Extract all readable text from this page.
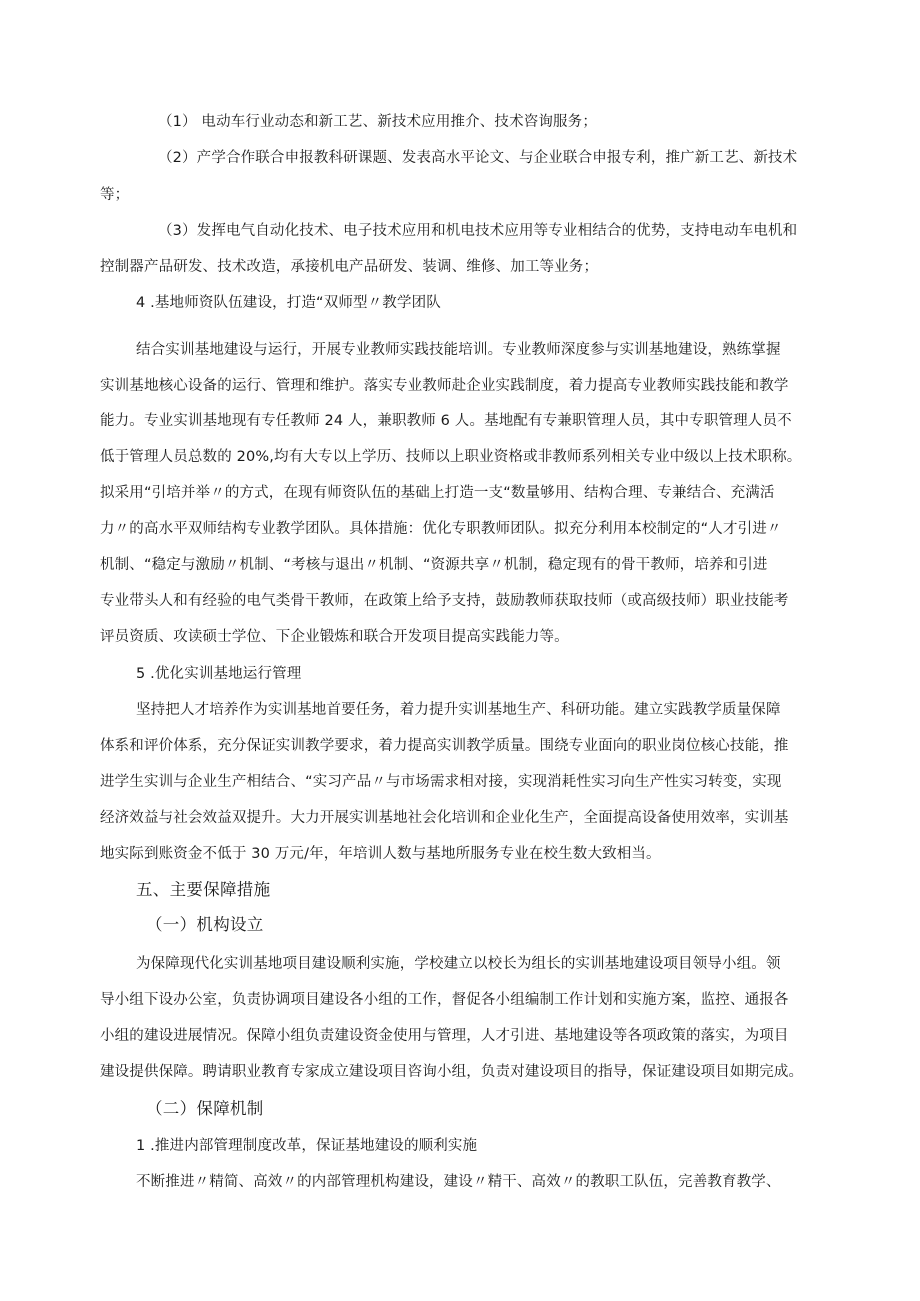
（1） 电动车行业动态和新工艺、新技术应用推介、技术咨询服务；
（2）产学合作联合申报教科研课题、发表高水平论文、与企业联合申报专利，推广新工艺、新技术
等；
（3）发挥电气自动化技术、电子技术应用和机电技术应用等专业相结合的优势，支持电动车电机和
控制器产品研发、技术改造，承接机电产品研发、装调、维修、加工等业务；
4 .基地师资队伍建设，打造“双师型〃教学团队
结合实训基地建设与运行，开展专业教师实践技能培训。专业教师深度参与实训基地建设，熟练掌握
实训基地核心设备的运行、管理和维护。落实专业教师赴企业实践制度，着力提高专业教师实践技能和教学
能力。专业实训基地现有专任教师 24 人，兼职教师 6 人。基地配有专兼职管理人员，其中专职管理人员不
低于管理人员总数的 20%,均有大专以上学历、技师以上职业资格或非教师系列相关专业中级以上技术职称。
拟采用“引培并举〃的方式，在现有师资队伍的基础上打造一支“数量够用、结构合理、专兼结合、充满活
力〃的高水平双师结构专业教学团队。具体措施：优化专职教师团队。拟充分利用本校制定的“人才引进〃
机制、“稳定与激励〃机制、“考核与退出〃机制、“资源共享〃机制，稳定现有的骨干教师，培养和引进
专业带头人和有经验的电气类骨干教师，在政策上给予支持，鼓励教师获取技师（或高级技师）职业技能考
评员资质、攻读硕士学位、下企业锻炼和联合开发项目提高实践能力等。
5 .优化实训基地运行管理
坚持把人才培养作为实训基地首要任务，着力提升实训基地生产、科研功能。建立实践教学质量保障
体系和评价体系，充分保证实训教学要求，着力提高实训教学质量。围绕专业面向的职业岗位核心技能，推
进学生实训与企业生产相结合、“实习产品〃与市场需求相对接，实现消耗性实习向生产性实习转变，实现
经济效益与社会效益双提升。大力开展实训基地社会化培训和企业化生产，全面提高设备使用效率，实训基
地实际到账资金不低于 30 万元/年，年培训人数与基地所服务专业在校生数大致相当。
五、主要保障措施
（一）机构设立
为保障现代化实训基地项目建设顺利实施，学校建立以校长为组长的实训基地建设项目领导小组。领
导小组下设办公室，负责协调项目建设各小组的工作，督促各小组编制工作计划和实施方案，监控、通报各
小组的建设进展情况。保障小组负责建设资金使用与管理，人才引进、基地建设等各项政策的落实，为项目
建设提供保障。聘请职业教育专家成立建设项目咨询小组，负责对建设项目的指导，保证建设项目如期完成。
（二）保障机制
1 .推进内部管理制度改革，保证基地建设的顺利实施
不断推进〃精简、高效〃的内部管理机构建设，建设〃精干、高效〃的教职工队伍，完善教育教学、
